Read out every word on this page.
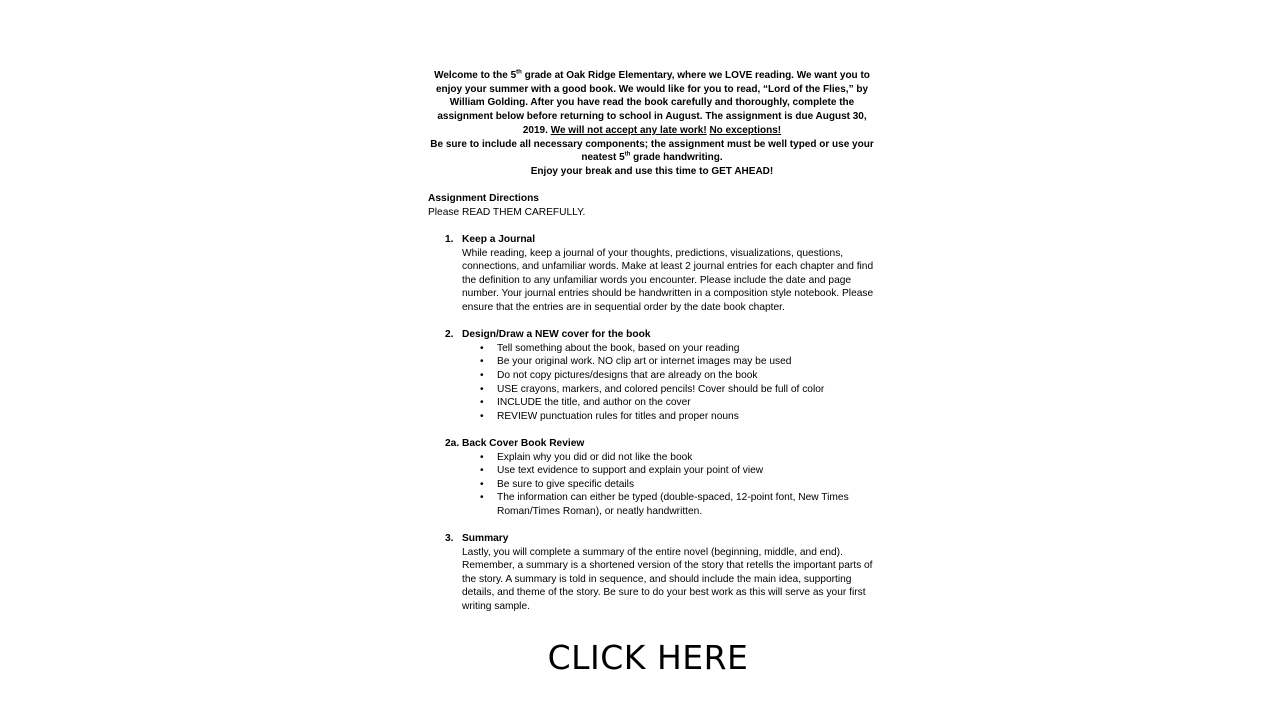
Welcome to the 5th grade at Oak Ridge Elementary, where we LOVE reading. We want you to enjoy your summer with a good book. We would like for you to read, “Lord of the Flies,” by William Golding. After you have read the book carefully and thoroughly, complete the assignment below before returning to school in August. The assignment is due August 30, 2019. We will not accept any late work! No exceptions!

Be sure to include all necessary components; the assignment must be well typed or use your neatest 5th grade handwriting.

Enjoy your break and use this time to GET AHEAD!

Assignment Directions
Please READ THEM CAREFULLY.
1. Keep a Journal
While reading, keep a journal of your thoughts, predictions, visualizations, questions, connections, and unfamiliar words. Make at least 2 journal entries for each chapter and find the definition to any unfamiliar words you encounter. Please include the date and page number. Your journal entries should be handwritten in a composition style notebook. Please ensure that the entries are in sequential order by the date book chapter.
2. Design/Draw a NEW cover for the book
• Tell something about the book, based on your reading
• Be your original work. NO clip art or internet images may be used
• Do not copy pictures/designs that are already on the book
• USE crayons, markers, and colored pencils! Cover should be full of color
• INCLUDE the title, and author on the cover
• REVIEW punctuation rules for titles and proper nouns
2a. Back Cover Book Review
• Explain why you did or did not like the book
• Use text evidence to support and explain your point of view
• Be sure to give specific details
• The information can either be typed (double-spaced, 12-point font, New Times Roman/Times Roman), or neatly handwritten.
3. Summary
Lastly, you will complete a summary of the entire novel (beginning, middle, and end). Remember, a summary is a shortened version of the story that retells the important parts of the story. A summary is told in sequence, and should include the main idea, supporting details, and theme of the story. Be sure to do your best work as this will serve as your first writing sample.
CLICK HERE
